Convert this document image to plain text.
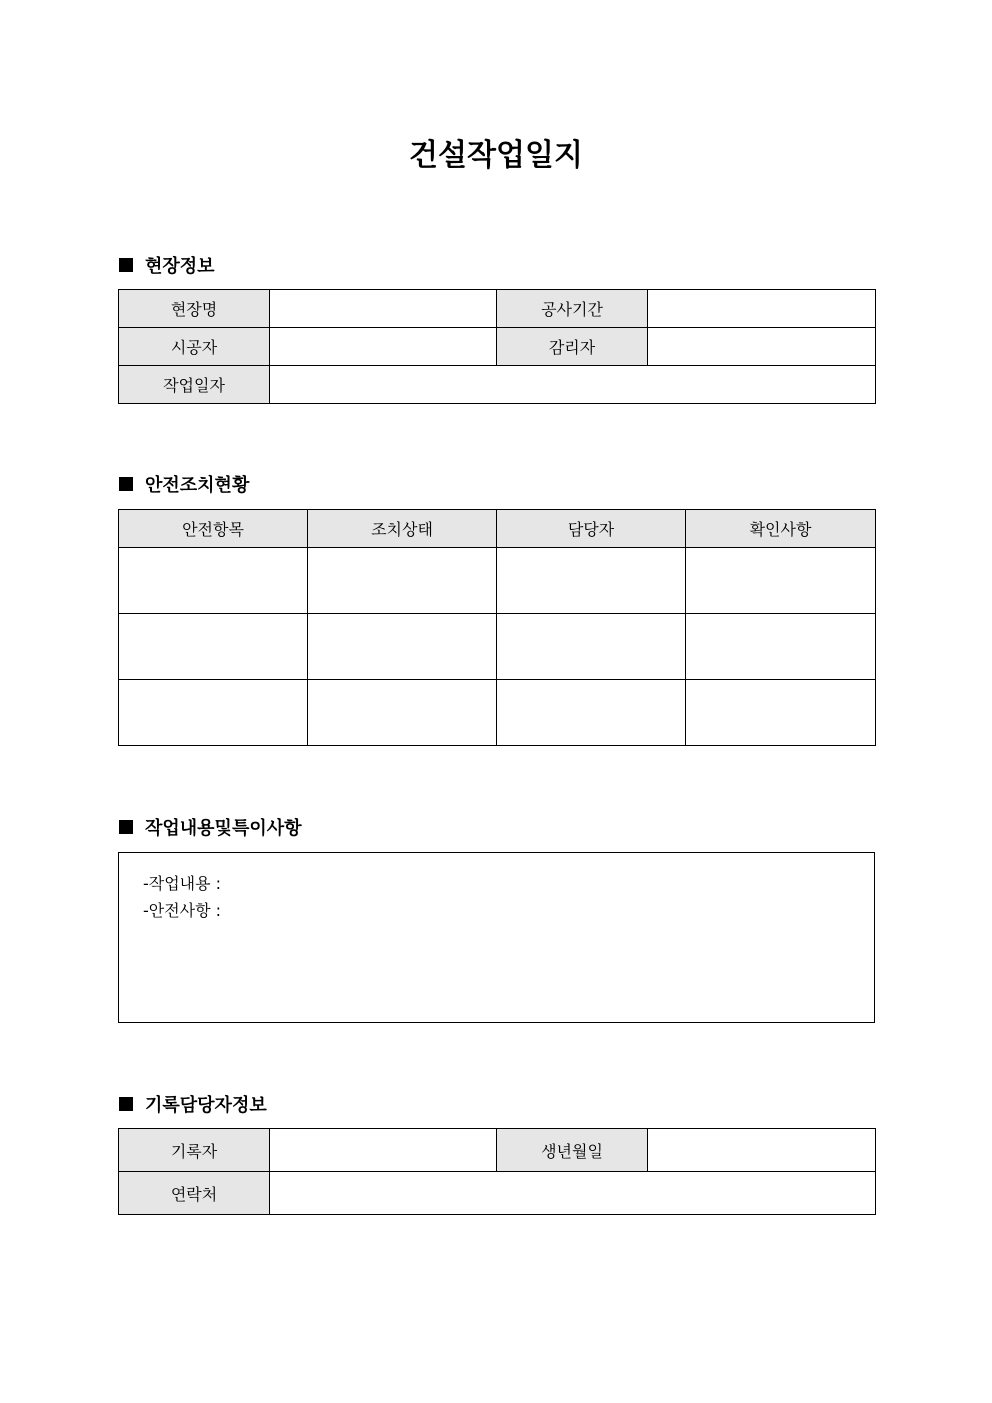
건설작업일지
현장정보
현장명		공사기간	
시공자		감리자	
작업일자			
안전조치현황
안전항목	조치상태	담당자	확인사항

작업내용및특이사항
-작업내용 :
-안전사항 :
기록담당자정보
기록자		생년월일	
연락처			
